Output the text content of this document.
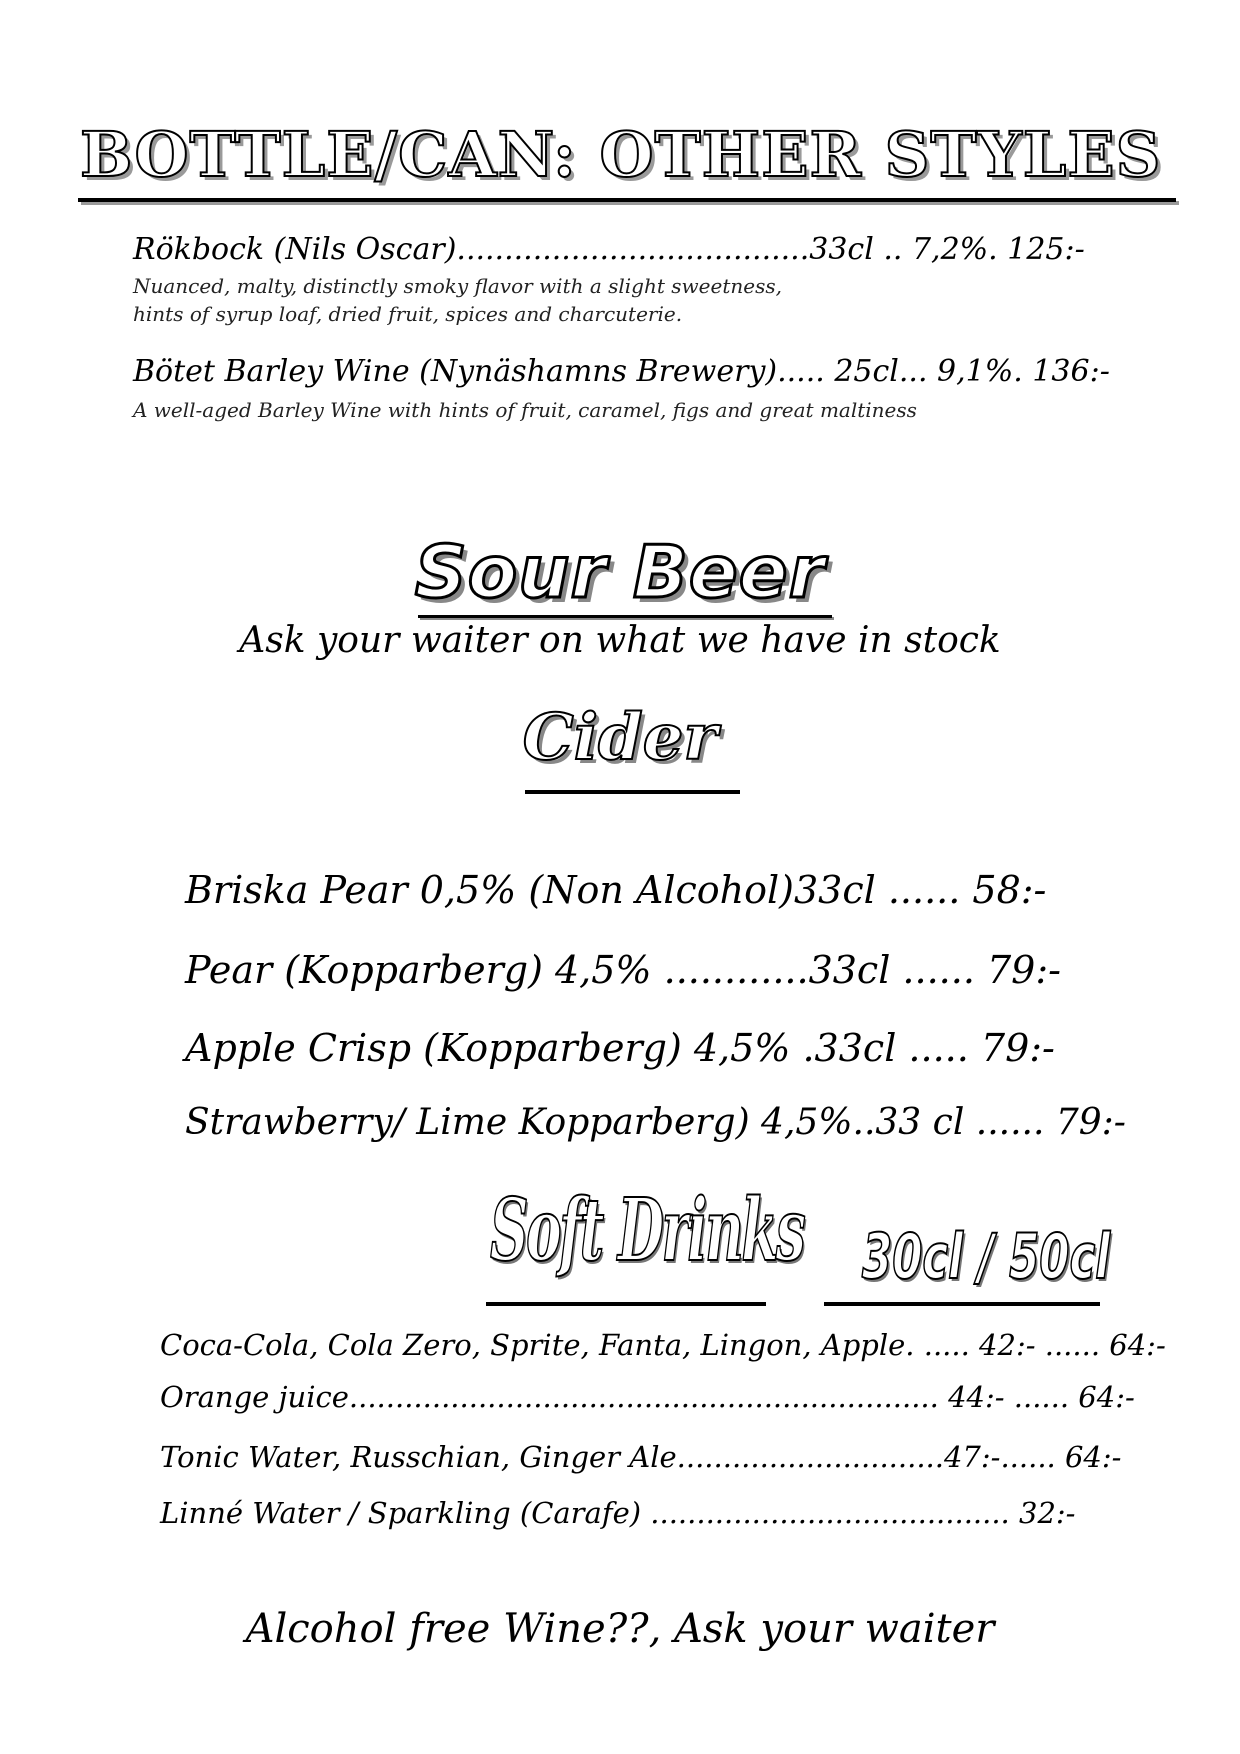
BOTTLE/CAN: OTHER STYLES
Rökbock (Nils Oscar).....................................33cl .. 7,2%. 125:-
Nuanced, malty, distinctly smoky flavor with a slight sweetness,
hints of syrup loaf, dried fruit, spices and charcuterie.
Bötet Barley Wine (Nynäshamns Brewery)..... 25cl... 9,1%. 136:-
A well-aged Barley Wine with hints of fruit, caramel, figs and great maltiness
Sour Beer
Ask your waiter on what we have in stock
Cider
Briska Pear 0,5% (Non Alcohol)33cl ...... 58:-
Pear (Kopparberg) 4,5% ............33cl ...... 79:-
Apple Crisp (Kopparberg) 4,5% .33cl ..... 79:-
Strawberry/ Lime Kopparberg) 4,5%..33 cl ...... 79:-
Soft Drinks 30cl / 50cl
Coca-Cola, Cola Zero, Sprite, Fanta, Lingon, Apple. ..... 42:- ...... 64:-
Orange juice................................................................ 44:- ...... 64:-
Tonic Water, Russchian, Ginger Ale.............................47:-...... 64:-
Linné Water / Sparkling (Carafe) ....................................... 32:-
Alcohol free Wine??, Ask your waiter
